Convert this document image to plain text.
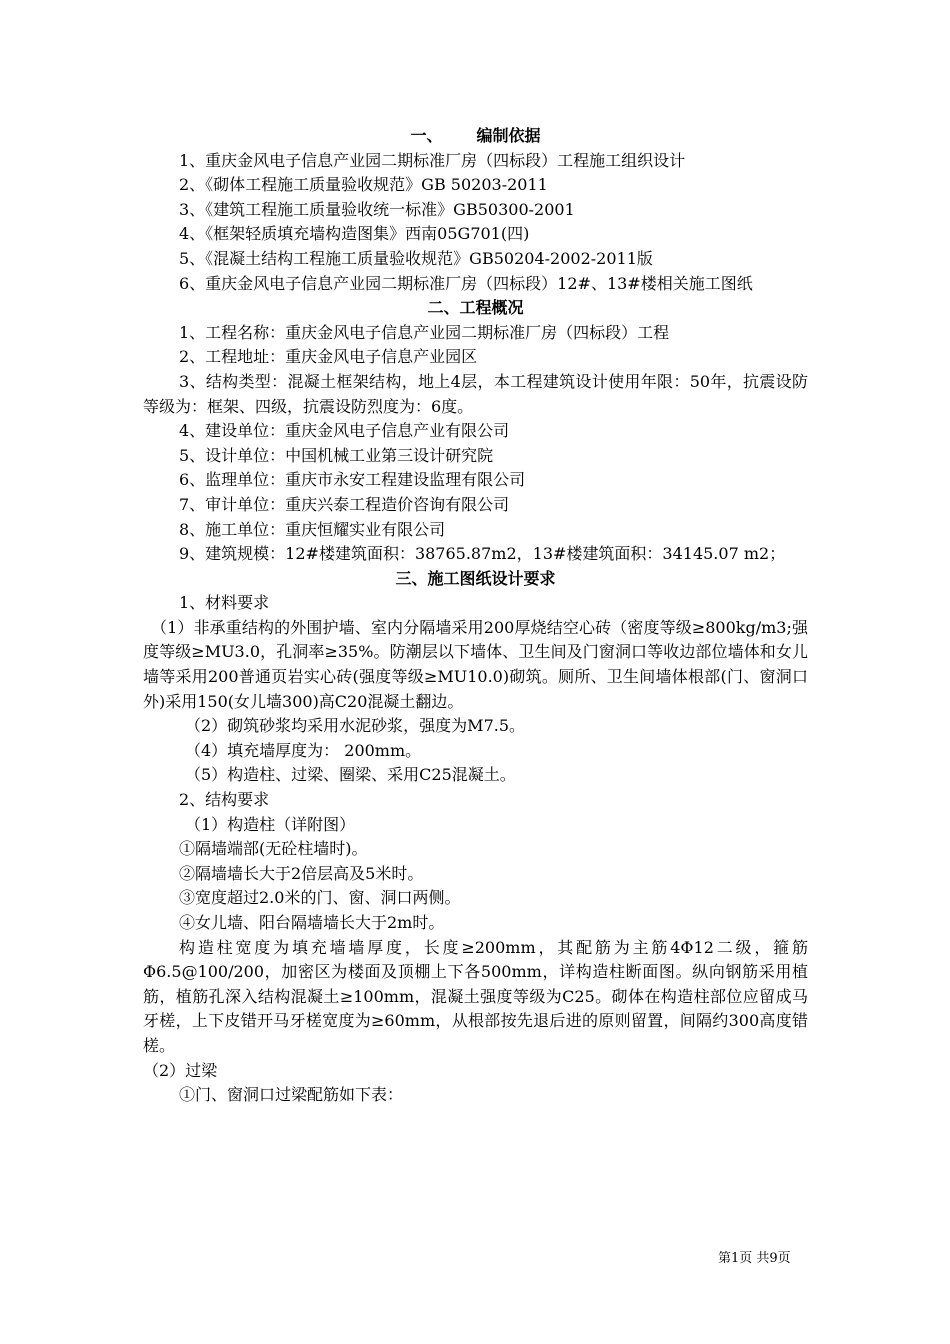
一、 编制依据

1、重庆金风电子信息产业园二期标准厂房（四标段）工程施工组织设计

2、《砌体工程施工质量验收规范》GB 50203-2011

3、《建筑工程施工质量验收统一标准》GB50300-2001

4、《框架轻质填充墙构造图集》西南05G701(四)

5、《混凝土结构工程施工质量验收规范》GB50204-2002-2011版

6、重庆金风电子信息产业园二期标准厂房（四标段）12#、13#楼相关施工图纸

二、工程概况

1、工程名称：重庆金风电子信息产业园二期标准厂房（四标段）工程

2、工程地址：重庆金风电子信息产业园区

3、结构类型：混凝土框架结构，地上4层，本工程建筑设计使用年限：50年，抗震设防等级为：框架、四级，抗震设防烈度为：6度。

4、建设单位：重庆金风电子信息产业有限公司

5、设计单位：中国机械工业第三设计研究院

6、监理单位：重庆市永安工程建设监理有限公司

7、审计单位：重庆兴泰工程造价咨询有限公司

8、施工单位：重庆恒耀实业有限公司

9、建筑规模：12#楼建筑面积：38765.87m2，13#楼建筑面积：34145.07 m2；

三、施工图纸设计要求

1、材料要求

（1）非承重结构的外围护墙、室内分隔墙采用200厚烧结空心砖（密度等级≥800kg/m3;强度等级≥MU3.0，孔洞率≥35%。防潮层以下墙体、卫生间及门窗洞口等收边部位墙体和女儿墙等采用200普通页岩实心砖(强度等级≥MU10.0)砌筑。厕所、卫生间墙体根部(门、窗洞口外)采用150(女儿墙300)高C20混凝土翻边。

（2）砌筑砂浆均采用水泥砂浆，强度为M7.5。

（4）填充墙厚度为： 200mm。

（5）构造柱、过梁、圈梁、采用C25混凝土。

2、结构要求

（1）构造柱（详附图）

①隔墙端部(无砼柱墙时)。

②隔墙墙长大于2倍层高及5米时。

③宽度超过2.0米的门、窗、洞口两侧。

④女儿墙、阳台隔墙墙长大于2m时。

构造柱宽度为填充墙墙厚度，长度≥200mm，其配筋为主筋4Φ12二级，箍筋Φ6.5@100/200，加密区为楼面及顶棚上下各500mm，详构造柱断面图。纵向钢筋采用植筋，植筋孔深入结构混凝土≥100mm，混凝土强度等级为C25。砌体在构造柱部位应留成马牙槎，上下皮错开马牙槎宽度为≥60mm，从根部按先退后进的原则留置，间隔约300高度错槎。

（2）过梁

①门、窗洞口过梁配筋如下表：

第1页 共9页
